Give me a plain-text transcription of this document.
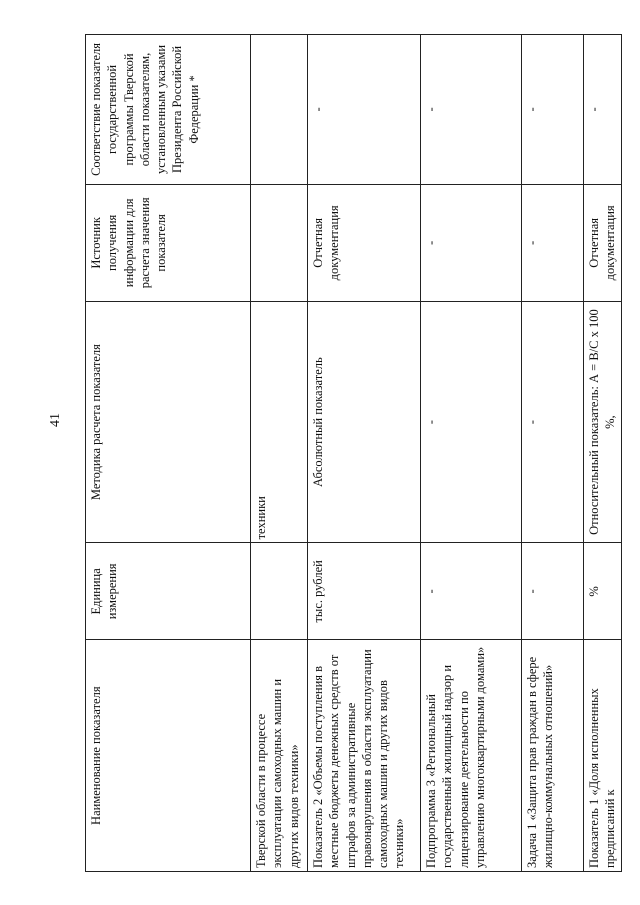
41
Наименование показателя	Единица измерения	Методика расчета показателя	Источник получения информации для расчета значения показателя	Соответствие показателя государственной программы Тверской области показателям, установленным указами Президента Российской Федерации *
Тверской области в процессе эксплуатации самоходных машин и других видов техники»		техники		
Показатель 2 «Объемы поступления в местные бюджеты денежных средств от штрафов за административные правонарушения в области эксплуатации самоходных машин и других видов техники»	тыс. рублей	Абсолютный показатель	Отчетная документация	-
Подпрограмма 3 «Региональный государственный жилищный надзор и лицензирование деятельности по управлению многоквартирными домами»	-	-	-	-
Задача 1 «Защита прав граждан в сфере жилищно-коммунальных отношений»	-	-	-	-
Показатель 1 «Доля исполненных предписаний к	%	Относительный показатель: А = B/C x 100 %,	Отчетная документация	-
